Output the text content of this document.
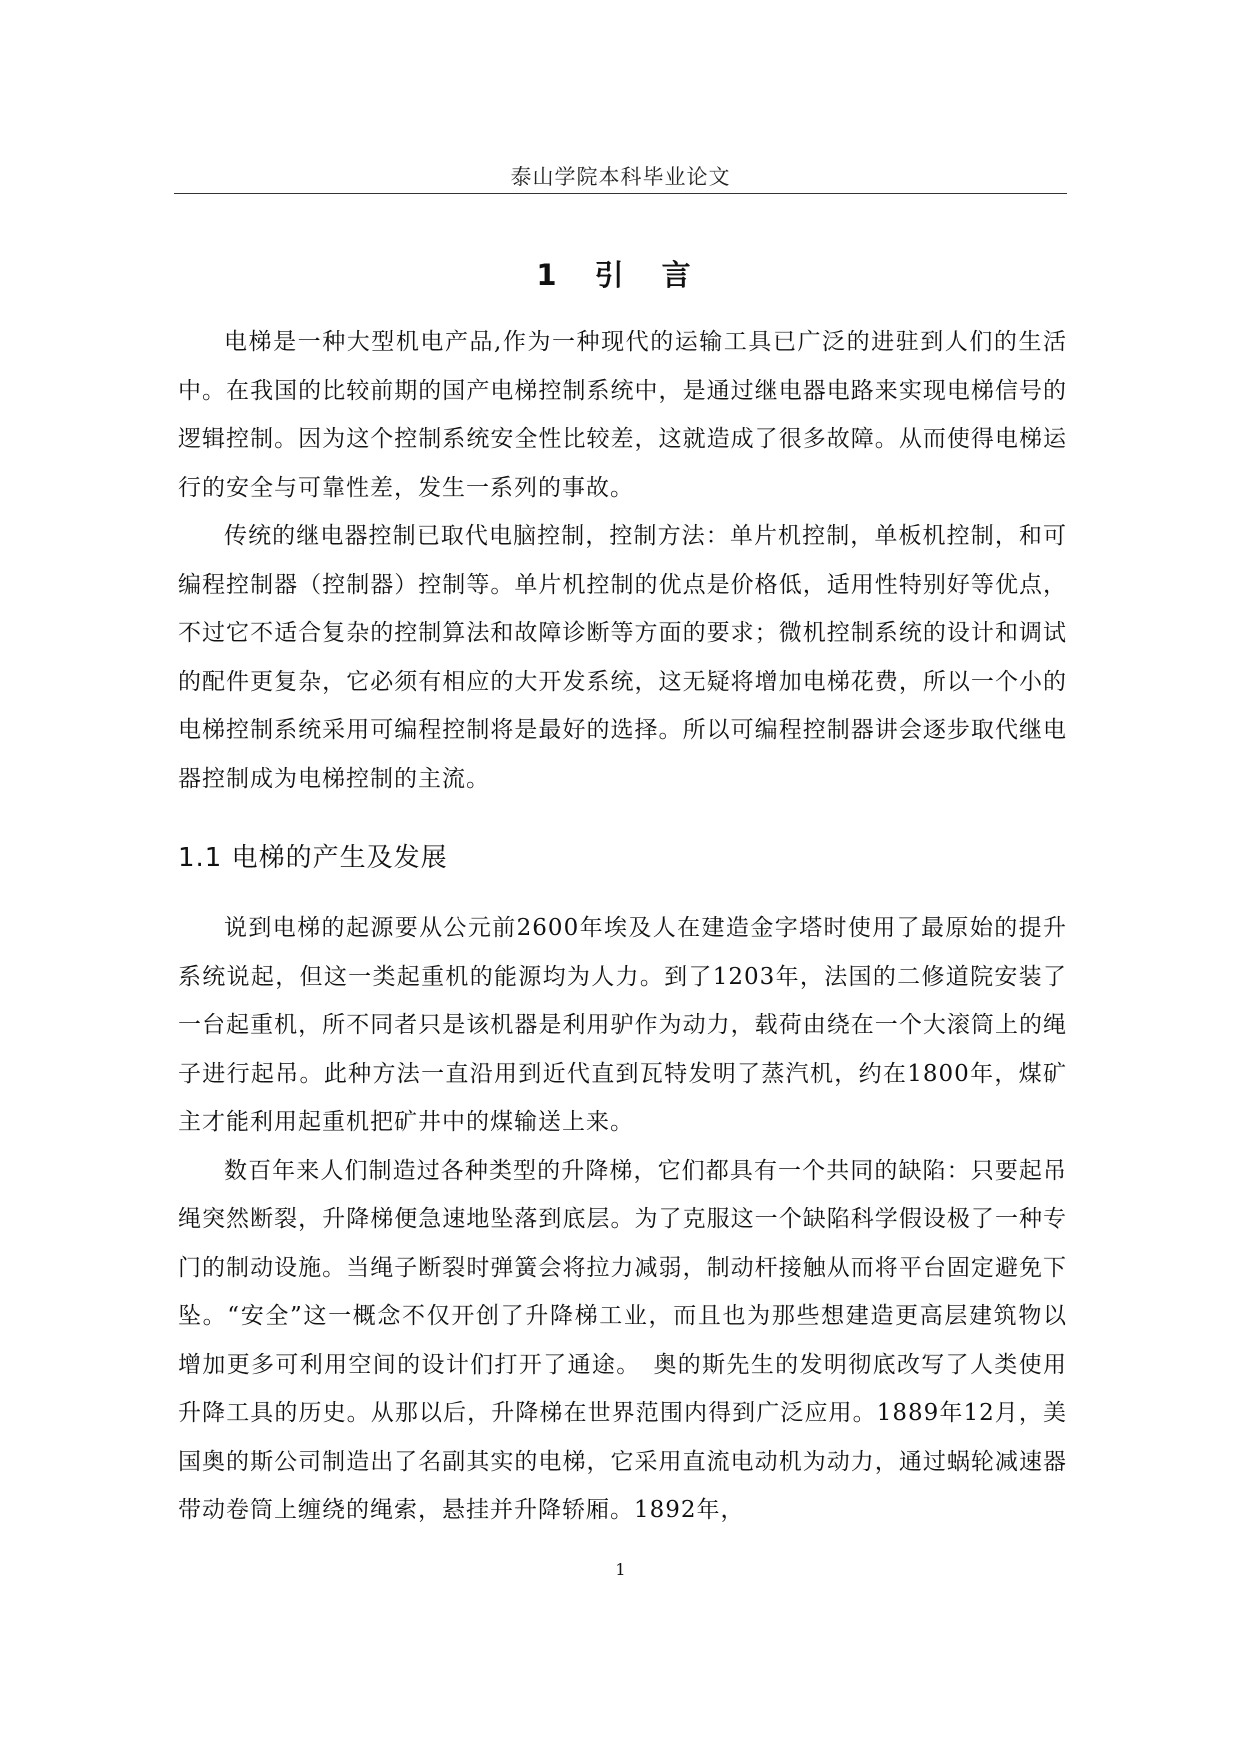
泰山学院本科毕业论文
1 引 言

电梯是一种大型机电产品,作为一种现代的运输工具已广泛的进驻到人们的生活中。在我国的比较前期的国产电梯控制系统中，是通过继电器电路来实现电梯信号的逻辑控制。因为这个控制系统安全性比较差，这就造成了很多故障。从而使得电梯运行的安全与可靠性差，发生一系列的事故。

传统的继电器控制已取代电脑控制，控制方法：单片机控制，单板机控制，和可编程控制器（控制器）控制等。单片机控制的优点是价格低，适用性特别好等优点，不过它不适合复杂的控制算法和故障诊断等方面的要求；微机控制系统的设计和调试的配件更复杂，它必须有相应的大开发系统，这无疑将增加电梯花费，所以一个小的电梯控制系统采用可编程控制将是最好的选择。所以可编程控制器讲会逐步取代继电器控制成为电梯控制的主流。

1.1 电梯的产生及发展

说到电梯的起源要从公元前2600年埃及人在建造金字塔时使用了最原始的提升系统说起，但这一类起重机的能源均为人力。到了1203年，法国的二修道院安装了一台起重机，所不同者只是该机器是利用驴作为动力，载荷由绕在一个大滚筒上的绳子进行起吊。此种方法一直沿用到近代直到瓦特发明了蒸汽机，约在1800年，煤矿主才能利用起重机把矿井中的煤输送上来。

数百年来人们制造过各种类型的升降梯，它们都具有一个共同的缺陷：只要起吊绳突然断裂，升降梯便急速地坠落到底层。为了克服这一个缺陷科学假设极了一种专门的制动设施。当绳子断裂时弹簧会将拉力减弱，制动杆接触从而将平台固定避免下坠。“安全”这一概念不仅开创了升降梯工业，而且也为那些想建造更高层建筑物以增加更多可利用空间的设计们打开了通途。　奥的斯先生的发明彻底改写了人类使用升降工具的历史。从那以后，升降梯在世界范围内得到广泛应用。1889年12月，美国奥的斯公司制造出了名副其实的电梯，它采用直流电动机为动力，通过蜗轮减速器带动卷筒上缠绕的绳索，悬挂并升降轿厢。1892年，

1
